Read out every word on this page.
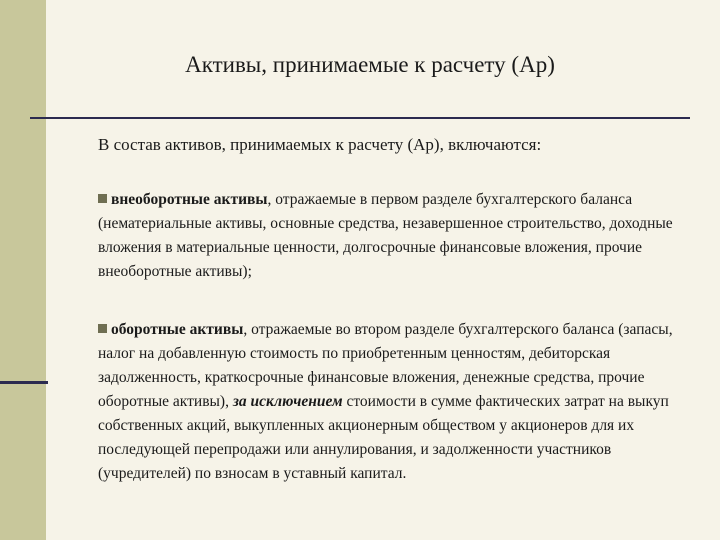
Активы, принимаемые к расчету (Ар)

В состав активов, принимаемых к расчету (Ар), включаются:

внеоборотные активы, отражаемые в первом разделе бухгалтерского баланса (нематериальные активы, основные средства, незавершенное строительство, доходные вложения в материальные ценности, долгосрочные финансовые вложения, прочие внеоборотные активы);

оборотные активы, отражаемые во втором разделе бухгалтерского баланса (запасы, налог на добавленную стоимость по приобретенным ценностям, дебиторская задолженность, краткосрочные финансовые вложения, денежные средства, прочие оборотные активы), за исключением стоимости в сумме фактических затрат на выкуп собственных акций, выкупленных акционерным обществом у акционеров для их последующей перепродажи или аннулирования, и задолженности участников (учредителей) по взносам в уставный капитал.
